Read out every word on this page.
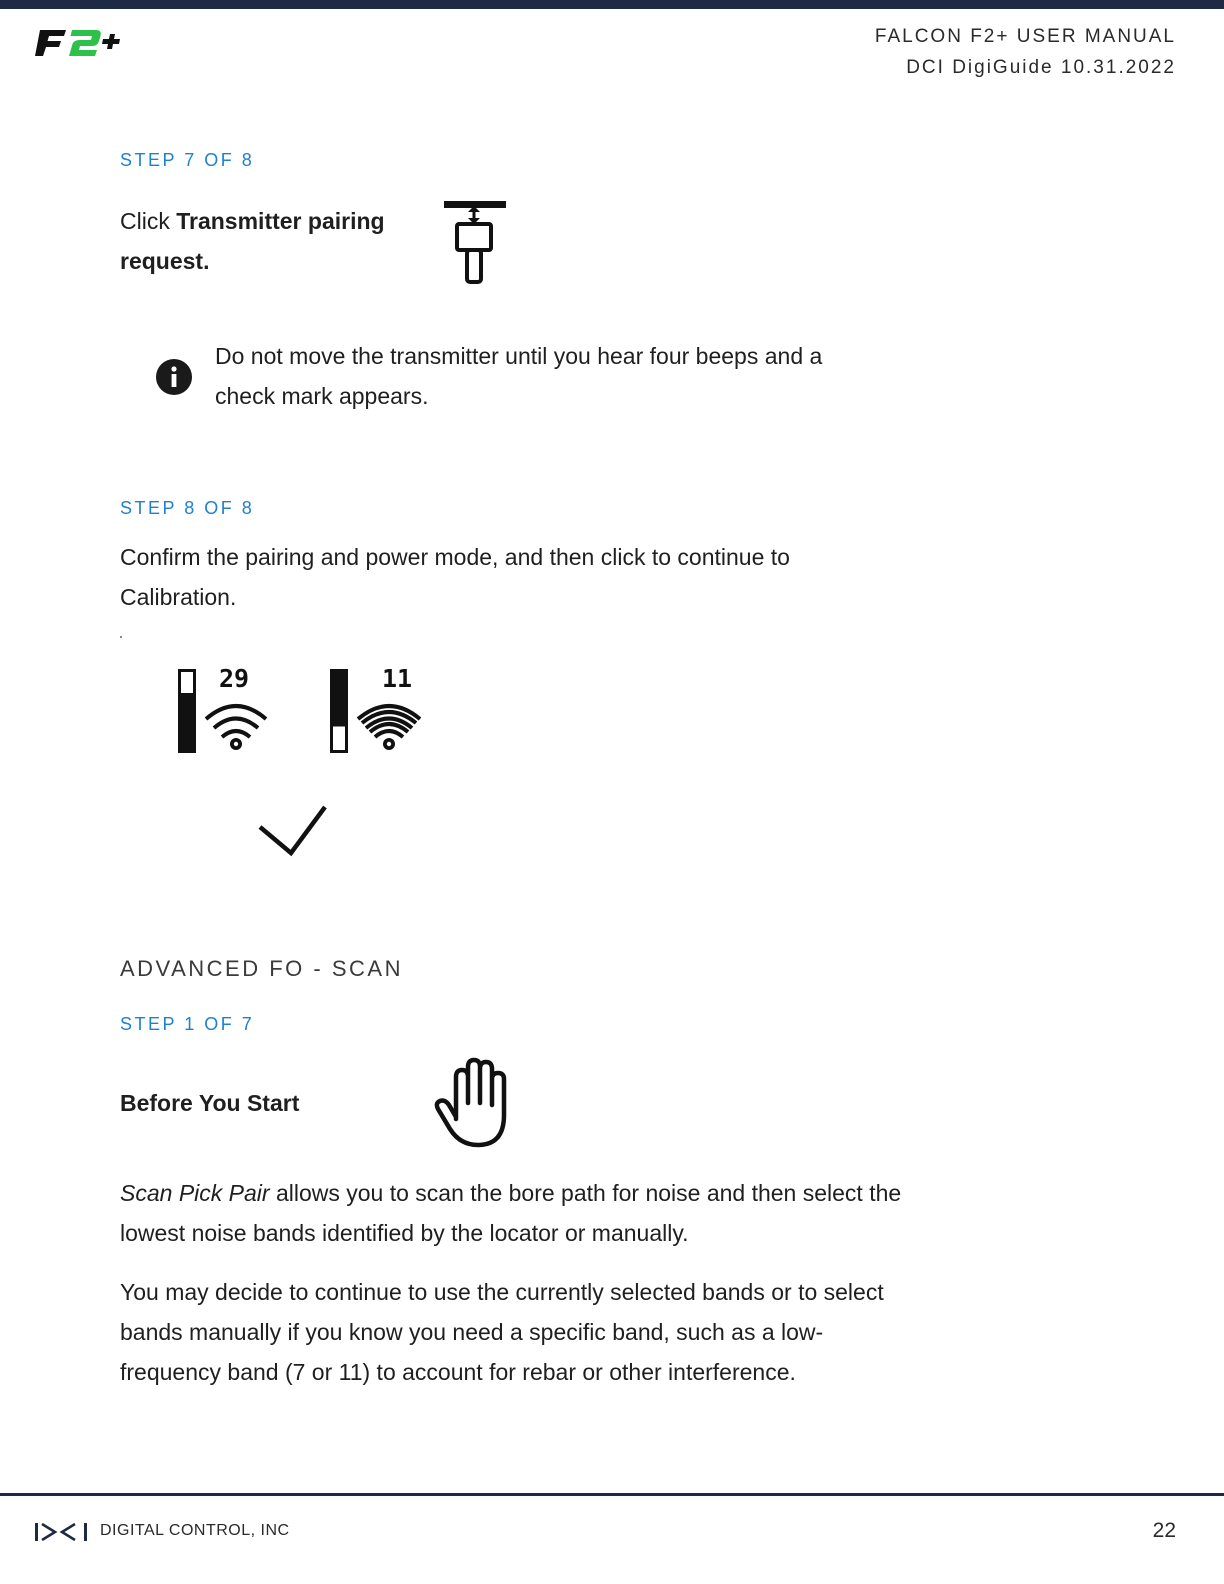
FALCON F2+ USER MANUAL
DCI DigiGuide 10.31.2022
STEP 7 OF 8
Click Transmitter pairing
request.
Do not move the transmitter until you hear four beeps and a
check mark appears.
STEP 8 OF 8
Confirm the pairing and power mode, and then click to continue to
Calibration.
29	11
ADVANCED FO - SCAN
STEP 1 OF 7
Before You Start
Scan Pick Pair allows you to scan the bore path for noise and then select the
lowest noise bands identified by the locator or manually.
You may decide to continue to use the currently selected bands or to select
bands manually if you know you need a specific band, such as a low-
frequency band (7 or 11) to account for rebar or other interference.
DIGITAL CONTROL, INC	22
